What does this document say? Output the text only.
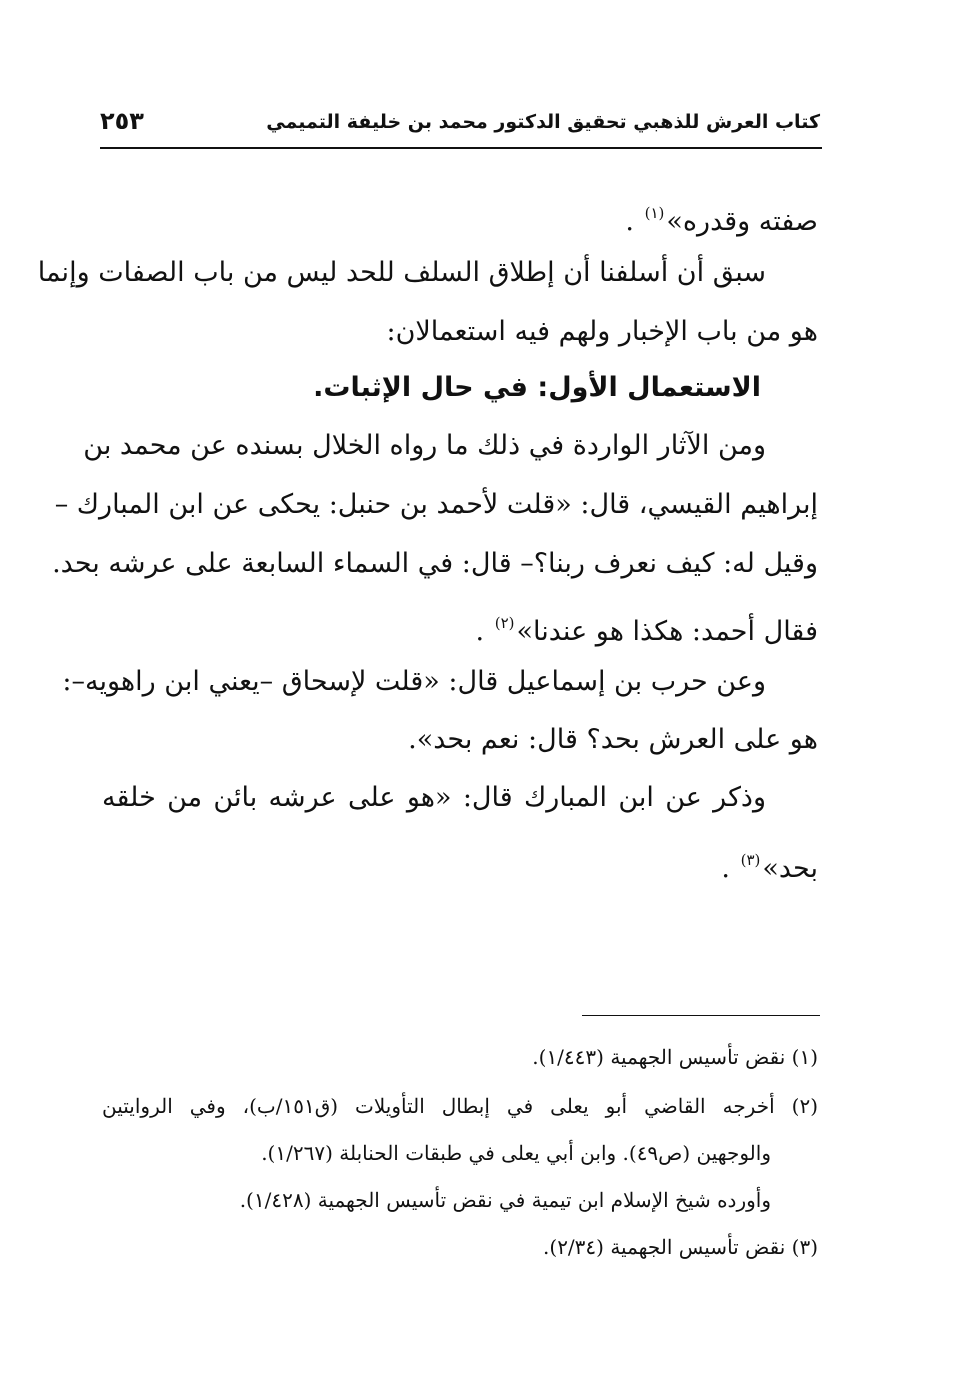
كتاب العرش للذهبي تحقيق الدكتور محمد بن خليفة التميمي
٢٥٣
صفته وقدره»$^{(١)}$ .
سبق أن أسلفنا أن إطلاق السلف للحد ليس من باب الصفات وإنما
هو من باب الإخبار ولهم فيه استعمالان:
الاستعمال الأول: في حال الإثبات.
ومن الآثار الواردة في ذلك ما رواه الخلال بسنده عن محمد بن
إبراهيم القيسي، قال: «قلت لأحمد بن حنبل: يحكى عن ابن المبارك –
وقيل له: كيف نعرف ربنا؟– قال: في السماء السابعة على عرشه بحد.
فقال أحمد: هكذا هو عندنا»$^{(٢)}$ .
وعن حرب بن إسماعيل قال: «قلت لإسحاق –يعني ابن راهويه–:
هو على العرش بحد؟ قال: نعم بحد».
وذكر عن ابن المبارك قال: «هو على عرشه بائن من خلقه
بحد»$^{(٣)}$ .
(١) نقض تأسيس الجهمية (١/٤٤٣).
(٢) أخرجه القاضي أبو يعلى في إبطال التأويلات (ق١٥١/ب)، وفي الروايتين
والوجهين (ص٤٩). وابن أبي يعلى في طبقات الحنابلة (١/٢٦٧).
وأورده شيخ الإسلام ابن تيمية في نقض تأسيس الجهمية (١/٤٢٨).
(٣) نقض تأسيس الجهمية (٢/٣٤).
